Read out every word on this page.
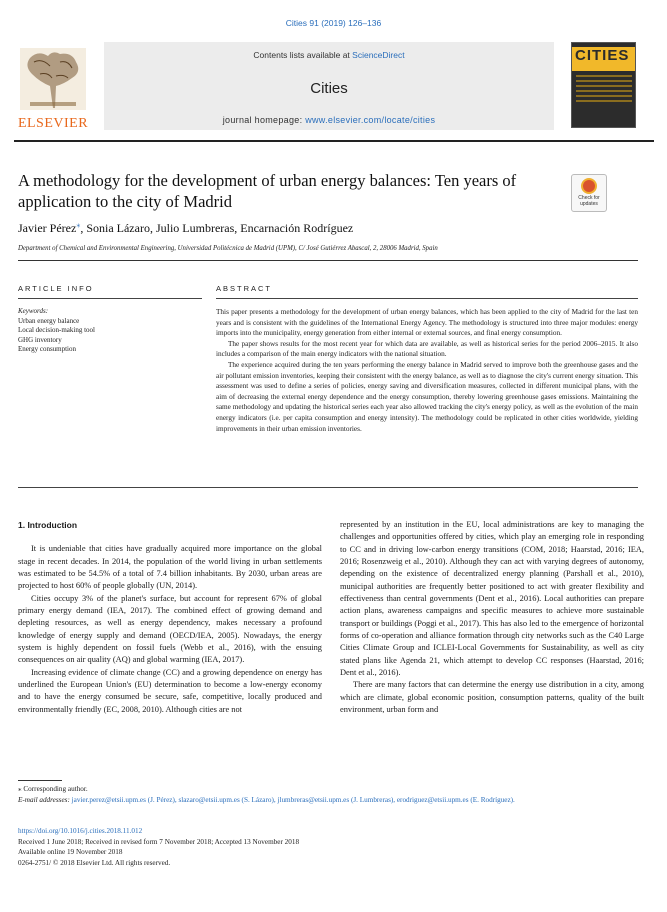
Cities 91 (2019) 126–136
ELSEVIER
Contents lists available at ScienceDirect
Cities
journal homepage: www.elsevier.com/locate/cities
CITIES
A methodology for the development of urban energy balances: Ten years of application to the city of Madrid	Check for updates
Javier Pérez⁎, Sonia Lázaro, Julio Lumbreras, Encarnación Rodríguez
Department of Chemical and Environmental Engineering, Universidad Politécnica de Madrid (UPM), C/ José Gutiérrez Abascal, 2, 28006 Madrid, Spain
ARTICLE INFO	ABSTRACT
Keywords:
Urban energy balance
Local decision-making tool
GHG inventory
Energy consumption

This paper presents a methodology for the development of urban energy balances, which has been applied to the city of Madrid for the last ten years and is consistent with the guidelines of the International Energy Agency. The methodology is structured into three major modules: energy imports into the municipality, energy generation from either internal or external sources, and final energy consumption.

The paper shows results for the most recent year for which data are available, as well as historical series for the period 2006–2015. It also includes a comparison of the main energy indicators with the national situation.

The experience acquired during the ten years performing the energy balance in Madrid served to improve both the greenhouse gases and the air pollutant emission inventories, keeping their consistent with the energy balance, as well as to diagnose the city's current energy situation. This assessment was used to define a series of policies, energy saving and diversification measures, collected in different municipal plans, with the aim of decreasing the external energy dependence and the energy consumption, thereby lowering greenhouse gases emissions. Maintaining the same methodology and updating the historical series each year also allowed tracking the city's energy policy, as well as the evolution of the main energy indicators (i.e. per capita consumption and energy intensity). The methodology could be replicated in other cities worldwide, yielding improvements in their urban emission inventories.

1. Introduction

It is undeniable that cities have gradually acquired more importance on the global stage in recent decades. In 2014, the population of the world living in urban settlements was estimated to be 54.5% of a total of 7.4 billion inhabitants. By 2030, urban areas are projected to host 60% of people globally (UN, 2014).

Cities occupy 3% of the planet's surface, but account for represent 67% of global primary energy demand (IEA, 2017). The combined effect of growing demand and depleting resources, as well as energy dependency, makes necessary a profound knowledge of energy supply and demand (OECD/IEA, 2005). Nowadays, the energy system is highly dependent on fossil fuels (Webb et al., 2016), with the ensuing consequences on air quality (AQ) and global warming (IEA, 2017).

Increasing evidence of climate change (CC) and a growing dependence on energy has underlined the European Union's (EU) determination to become a low-energy economy and to have the energy consumed be secure, safe, competitive, locally produced and environmentally friendly (EC, 2008, 2010). Although cities are not

represented by an institution in the EU, local administrations are key to managing the challenges and opportunities offered by cities, which play an emerging role in responding to CC and in driving low-carbon energy transitions (COM, 2018; Haarstad, 2016; IEA, 2016; Rosenzweig et al., 2010). Although they can act with varying degrees of autonomy, depending on the existence of decentralized energy planning (Parshall et al., 2010), municipal authorities are frequently better positioned to act with greater flexibility and effectiveness than central governments (Dent et al., 2016). Local authorities can prepare action plans, awareness campaigns and specific measures to achieve more sustainable transport or buildings (Poggi et al., 2017). This has also led to the emergence of horizontal forms of co-operation and alliance formation through city networks such as the C40 Large Cities Climate Group and ICLEI-Local Governments for Sustainability, as well as city stated plans like Agenda 21, which attempt to develop CC responses (Haarstad, 2016; Dent et al., 2016).

There are many factors that can determine the energy use distribution in a city, among which are climate, global economic position, consumption patterns, quality of the built environment, urban form and

⁎ Corresponding author.
E-mail addresses: javier.perez@etsii.upm.es (J. Pérez), slazaro@etsii.upm.es (S. Lázaro), jlumbreras@etsii.upm.es (J. Lumbreras), erodriguez@etsii.upm.es (E. Rodríguez).
https://doi.org/10.1016/j.cities.2018.11.012
Received 1 June 2018; Received in revised form 7 November 2018; Accepted 13 November 2018
Available online 19 November 2018
0264-2751/ © 2018 Elsevier Ltd. All rights reserved.
